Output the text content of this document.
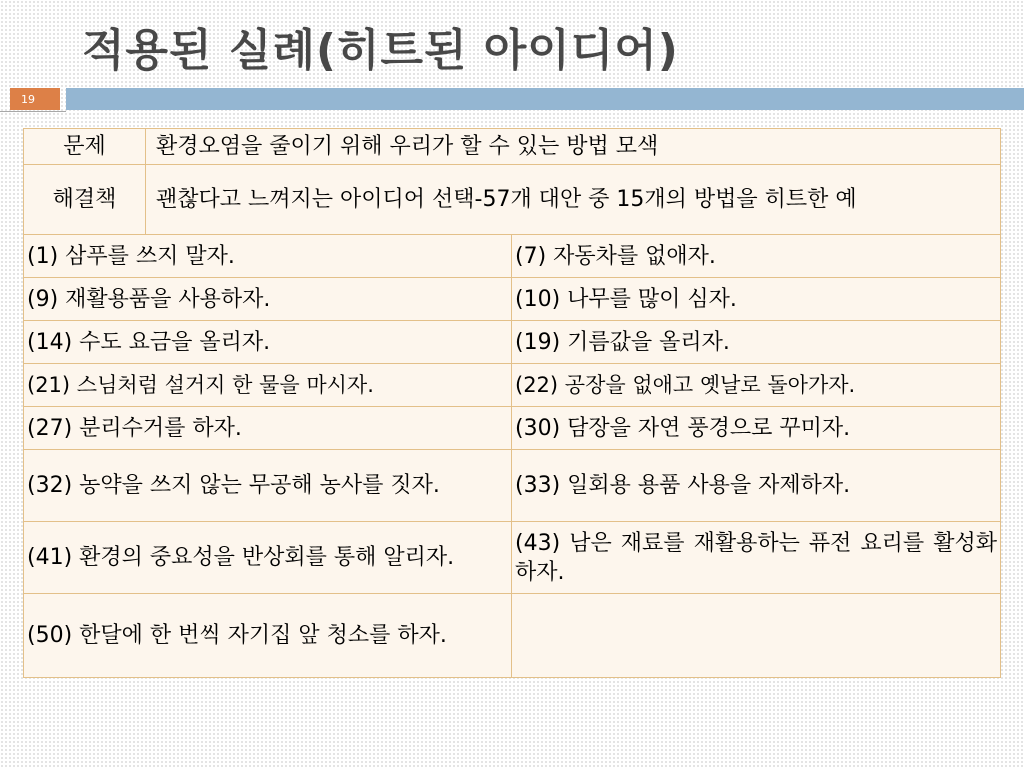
적용된 실례(히트된 아이디어)
19
문제	환경오염을 줄이기 위해 우리가 할 수 있는 방법 모색	
해결책	괜찮다고 느껴지는 아이디어 선택-57개 대안 중 15개의 방법을 히트한 예	
(1) 삼푸를 쓰지 말자.		(7) 자동차를 없애자.
(9) 재활용품을 사용하자.		(10) 나무를 많이 심자.
(14) 수도 요금을 올리자.		(19) 기름값을 올리자.
(21) 스님처럼 설거지 한 물을 마시자.		(22) 공장을 없애고 옛날로 돌아가자.
(27) 분리수거를 하자.		(30) 담장을 자연 풍경으로 꾸미자.
(32) 농약을 쓰지 않는 무공해 농사를 짓자.		(33) 일회용 용품 사용을 자제하자.
(41) 환경의 중요성을 반상회를 통해 알리자.		(43) 남은 재료를 재활용하는 퓨전 요리를 활성화 하자.
(50) 한달에 한 번씩 자기집 앞 청소를 하자.		
